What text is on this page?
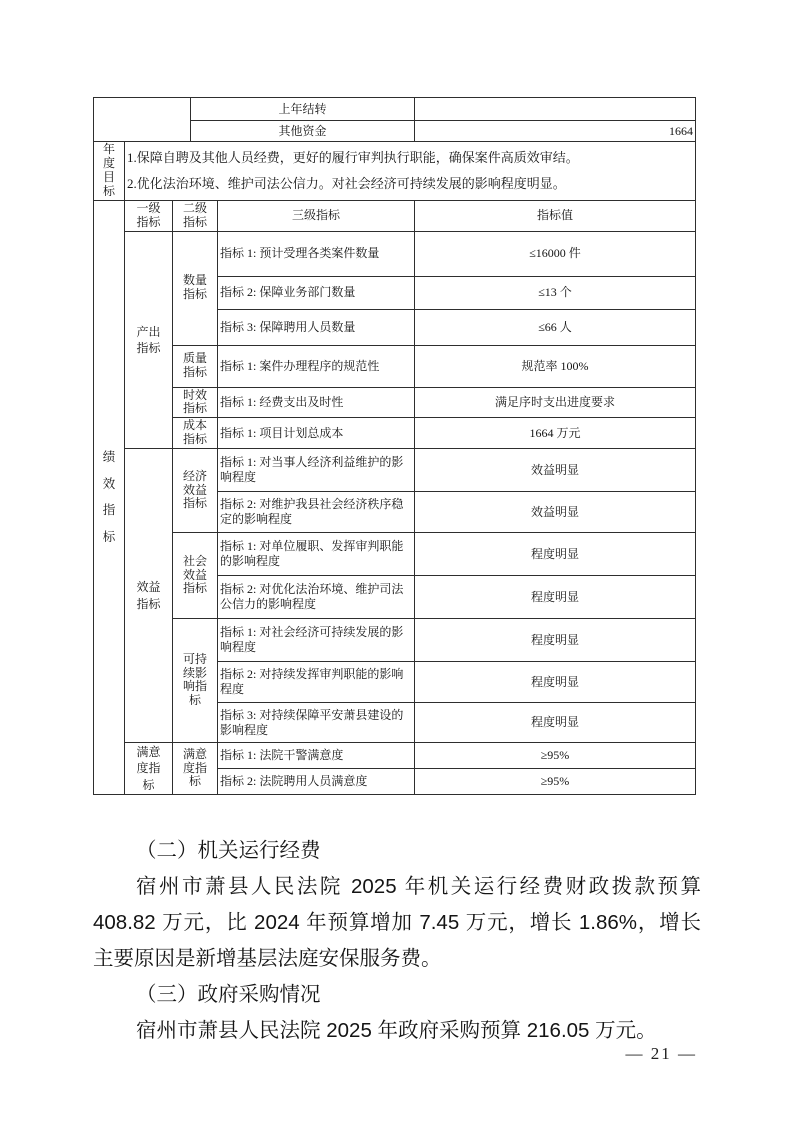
	上年结转	
	其他资金	1664
年度目标	
1.保障自聘及其他人员经费，更好的履行审判执行职能，确保案件高质效审结。
2.优化法治环境、维护司法公信力。对社会经济可持续发展的影响程度明显。
绩效指标	一级指标	二级指标	三级指标	指标值
	产出指标	数量指标	指标 1: 预计受理各类案件数量	≤16000 件
			指标 2: 保障业务部门数量	≤13 个
			指标 3: 保障聘用人员数量	≤66 人
		质量指标	指标 1: 案件办理程序的规范性	规范率 100%
		时效指标	指标 1: 经费支出及时性	满足序时支出进度要求
		成本指标	指标 1: 项目计划总成本	1664 万元
	效益指标	经济效益指标	指标 1: 对当事人经济利益维护的影响程度	效益明显
			指标 2: 对维护我县社会经济秩序稳定的影响程度	效益明显
		社会效益指标	指标 1: 对单位履职、发挥审判职能的影响程度	程度明显
			指标 2: 对优化法治环境、维护司法公信力的影响程度	程度明显
		可持续影响指标	指标 1: 对社会经济可持续发展的影响程度	程度明显
			指标 2: 对持续发挥审判职能的影响程度	程度明显
			指标 3: 对持续保障平安萧县建设的影响程度	程度明显
	满意度指标	满意度指标	指标 1: 法院干警满意度	≥95%
			指标 2: 法院聘用人员满意度	≥95%
（二）机关运行经费
宿州市萧县人民法院 2025 年机关运行经费财政拨款预算 408.82 万元，比 2024 年预算增加 7.45 万元，增长 1.86%，增长主要原因是新增基层法庭安保服务费。
（三）政府采购情况
宿州市萧县人民法院 2025 年政府采购预算 216.05 万元。
— 21 —
